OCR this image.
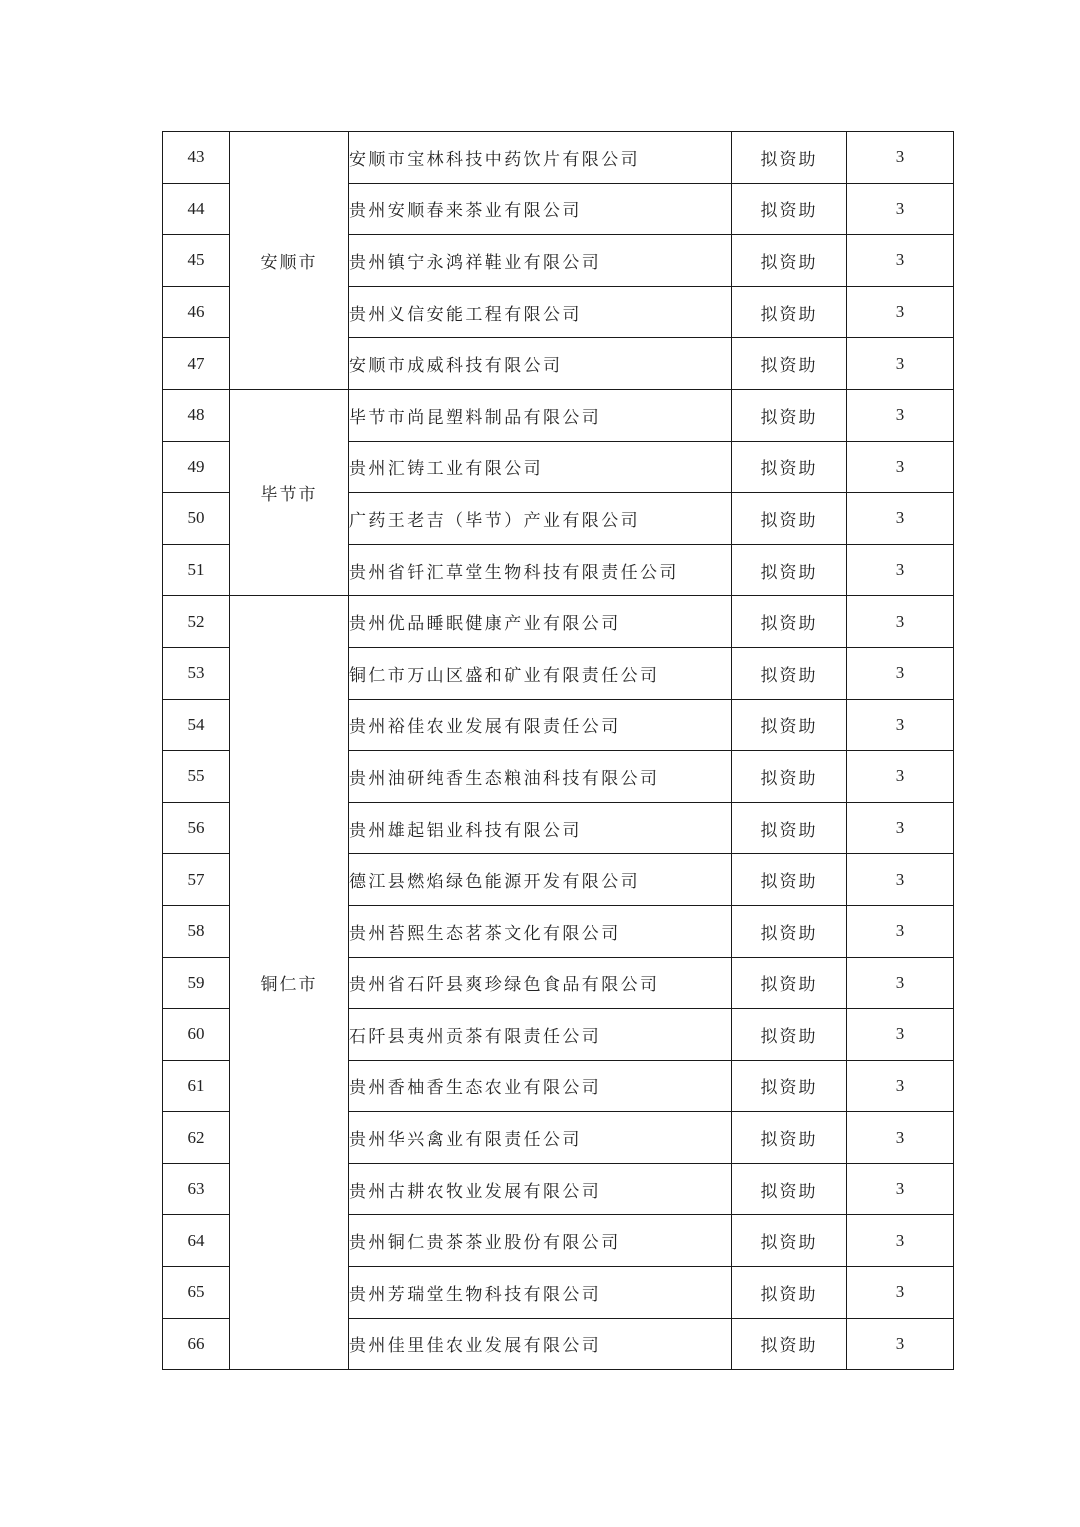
43	安顺市	安顺市宝林科技中药饮片有限公司	拟资助	3
44		贵州安顺春来茶业有限公司	拟资助	3
45		贵州镇宁永鸿祥鞋业有限公司	拟资助	3
46		贵州义信安能工程有限公司	拟资助	3
47		安顺市成威科技有限公司	拟资助	3
48	毕节市	毕节市尚昆塑料制品有限公司	拟资助	3
49		贵州汇铸工业有限公司	拟资助	3
50		广药王老吉（毕节）产业有限公司	拟资助	3
51		贵州省钎汇草堂生物科技有限责任公司	拟资助	3
52	铜仁市	贵州优品睡眠健康产业有限公司	拟资助	3
53		铜仁市万山区盛和矿业有限责任公司	拟资助	3
54		贵州裕佳农业发展有限责任公司	拟资助	3
55		贵州油研纯香生态粮油科技有限公司	拟资助	3
56		贵州雄起铝业科技有限公司	拟资助	3
57		德江县燃焰绿色能源开发有限公司	拟资助	3
58		贵州苔熙生态茗茶文化有限公司	拟资助	3
59		贵州省石阡县爽珍绿色食品有限公司	拟资助	3
60		石阡县夷州贡茶有限责任公司	拟资助	3
61		贵州香柚香生态农业有限公司	拟资助	3
62		贵州华兴禽业有限责任公司	拟资助	3
63		贵州古耕农牧业发展有限公司	拟资助	3
64		贵州铜仁贵茶茶业股份有限公司	拟资助	3
65		贵州芳瑞堂生物科技有限公司	拟资助	3
66		贵州佳里佳农业发展有限公司	拟资助	3
